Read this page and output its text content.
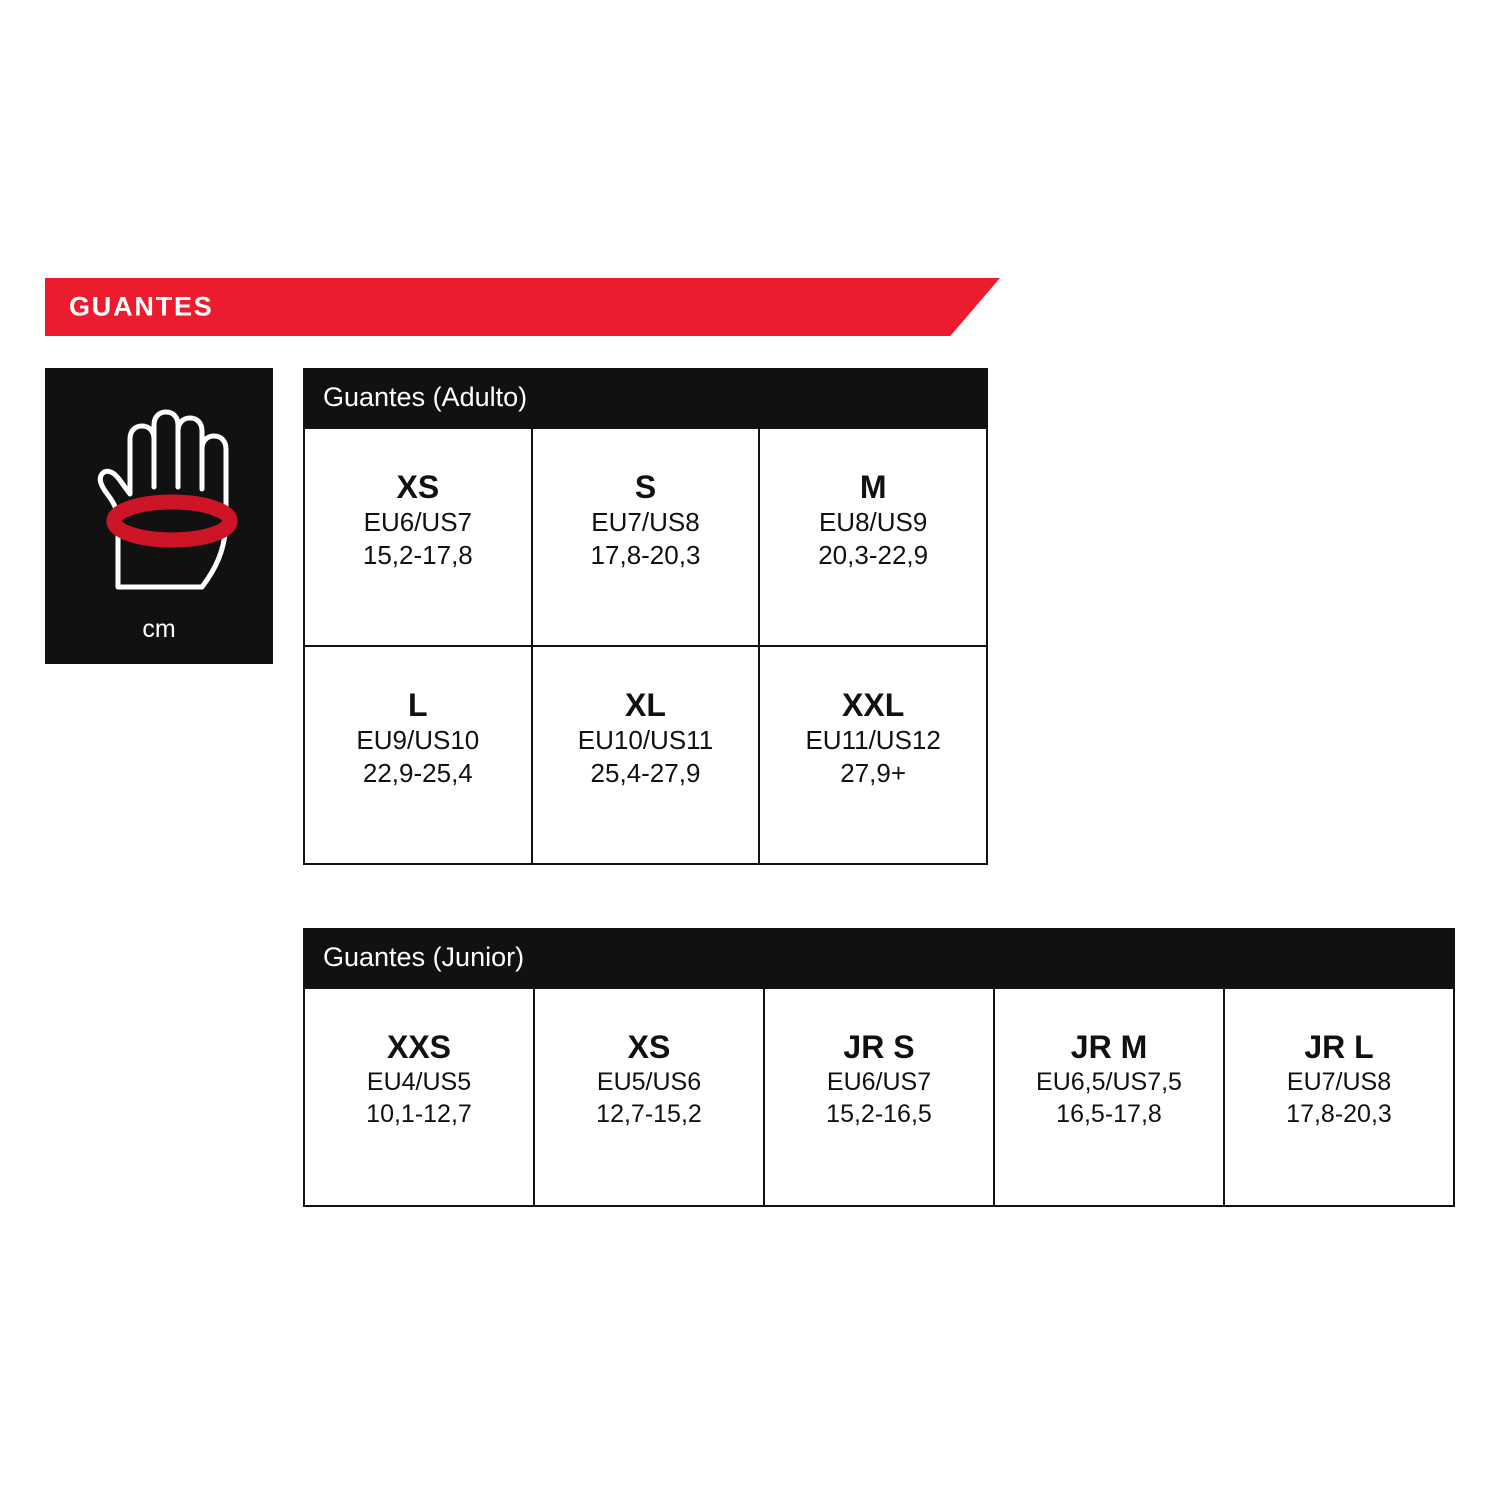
GUANTES
cm
Guantes (Adulto)
XS
EU6/US7
15,2-17,8
S
EU7/US8
17,8-20,3
M
EU8/US9
20,3-22,9
L
EU9/US10
22,9-25,4
XL
EU10/US11
25,4-27,9
XXL
EU11/US12
27,9+
Guantes (Junior)
XXS
EU4/US5
10,1-12,7
XS
EU5/US6
12,7-15,2
JR S
EU6/US7
15,2-16,5
JR M
EU6,5/US7,5
16,5-17,8
JR L
EU7/US8
17,8-20,3
